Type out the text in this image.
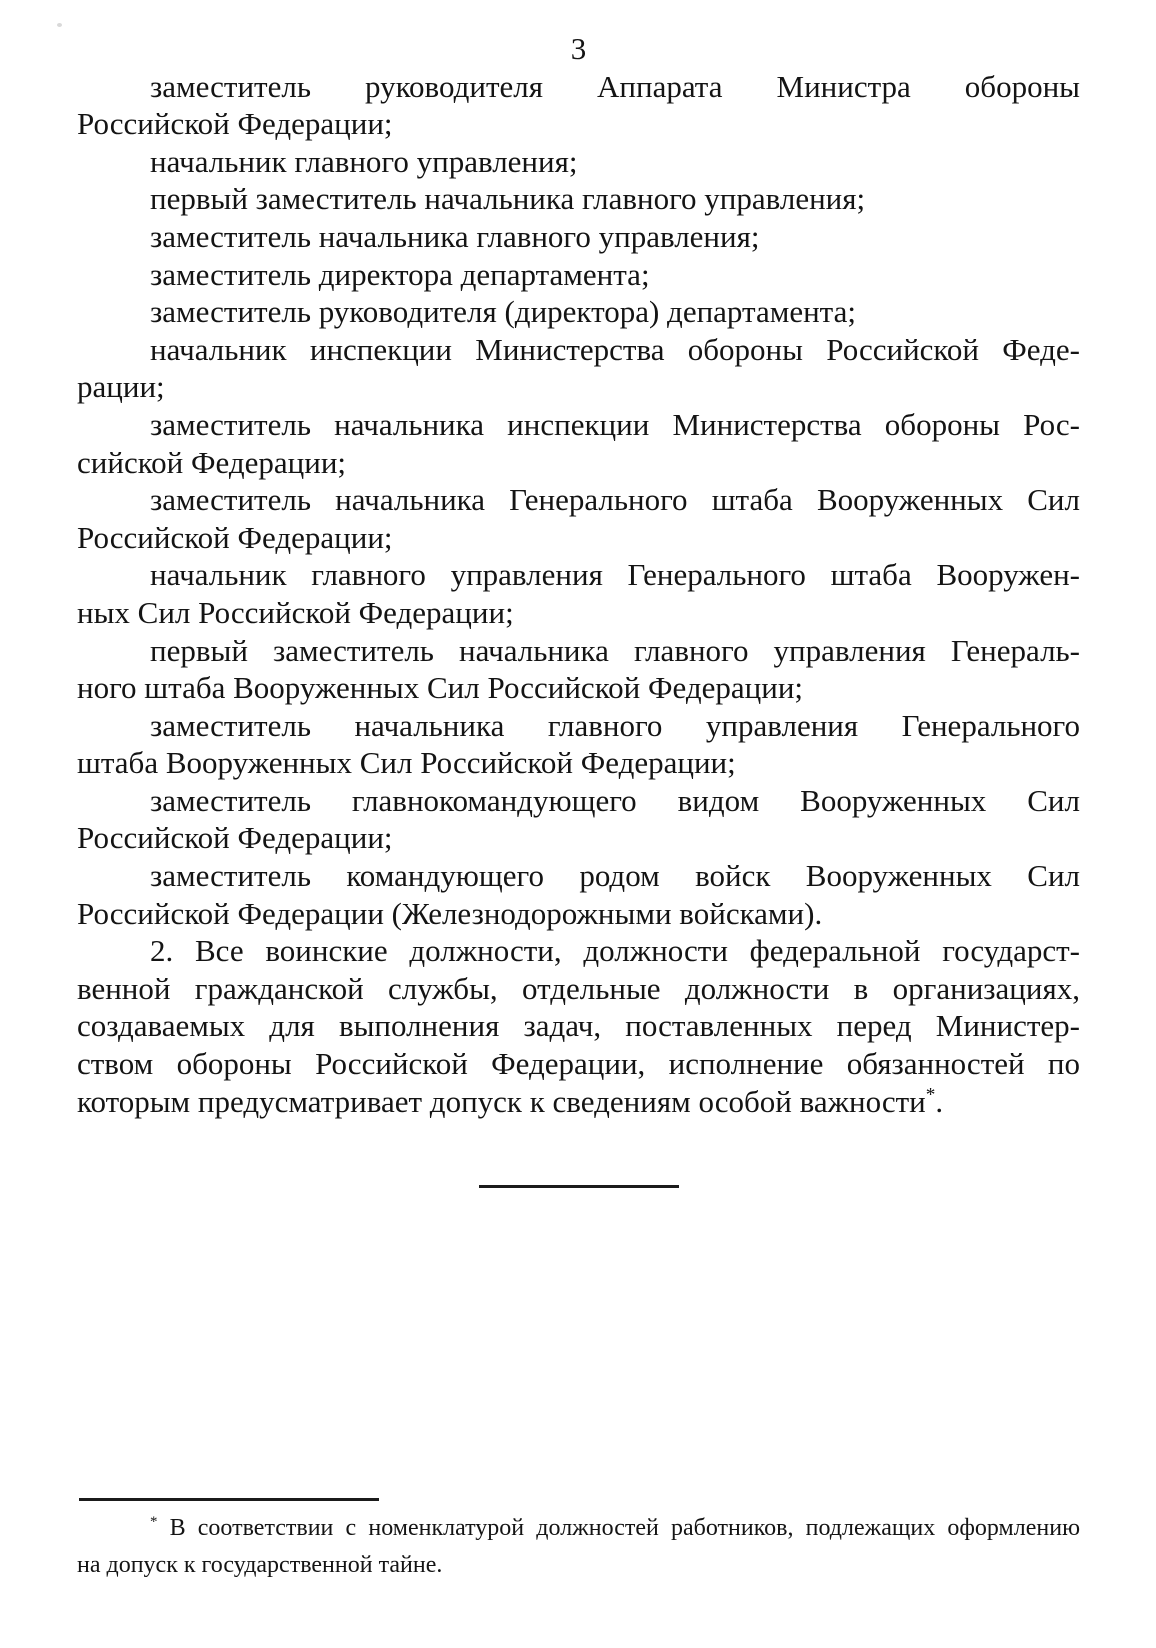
3
заместитель руководителя Аппарата Министра обороны
Российской Федерации;
начальник главного управления;
первый заместитель начальника главного управления;
заместитель начальника главного управления;
заместитель директора департамента;
заместитель руководителя (директора) департамента;
начальник инспекции Министерства обороны Российской Феде-
рации;
заместитель начальника инспекции Министерства обороны Рос-
сийской Федерации;
заместитель начальника Генерального штаба Вооруженных Сил
Российской Федерации;
начальник главного управления Генерального штаба Вооружен-
ных Сил Российской Федерации;
первый заместитель начальника главного управления Генераль-
ного штаба Вооруженных Сил Российской Федерации;
заместитель начальника главного управления Генерального
штаба Вооруженных Сил Российской Федерации;
заместитель главнокомандующего видом Вооруженных Сил
Российской Федерации;
заместитель командующего родом войск Вооруженных Сил
Российской Федерации (Железнодорожными войсками).
2. Все воинские должности, должности федеральной государст-
венной гражданской службы, отдельные должности в организациях,
создаваемых для выполнения задач, поставленных перед Министер-
ством обороны Российской Федерации, исполнение обязанностей по
которым предусматривает допуск к сведениям особой важности*.
* В соответствии с номенклатурой должностей работников, подлежащих оформлению
на допуск к государственной тайне.
